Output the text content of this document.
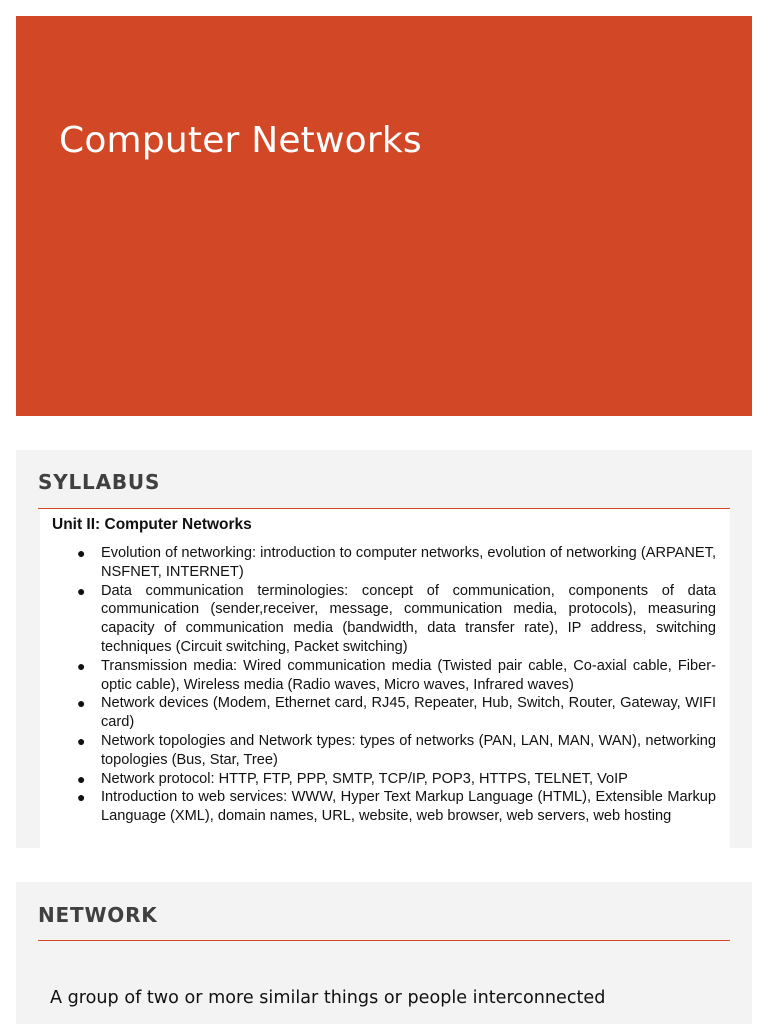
Computer Networks
SYLLABUS

Unit II: Computer Networks

● Evolution of networking: introduction to computer networks, evolution of networking (ARPANET, NSFNET, INTERNET)
● Data communication terminologies: concept of communication, components of data communication (sender,receiver, message, communication media, protocols), measuring capacity of communication media (bandwidth, data transfer rate), IP address, switching techniques (Circuit switching, Packet switching)
● Transmission media: Wired communication media (Twisted pair cable, Co-axial cable, Fiber-optic cable), Wireless media (Radio waves, Micro waves, Infrared waves)
● Network devices (Modem, Ethernet card, RJ45, Repeater, Hub, Switch, Router, Gateway, WIFI card)
● Network topologies and Network types: types of networks (PAN, LAN, MAN, WAN), networking topologies (Bus, Star, Tree)
● Network protocol: HTTP, FTP, PPP, SMTP, TCP/IP, POP3, HTTPS, TELNET, VoIP
● Introduction to web services: WWW, Hyper Text Markup Language (HTML), Extensible Markup Language (XML), domain names, URL, website, web browser, web servers, web hosting
NETWORK

A group of two or more similar things or people interconnected
